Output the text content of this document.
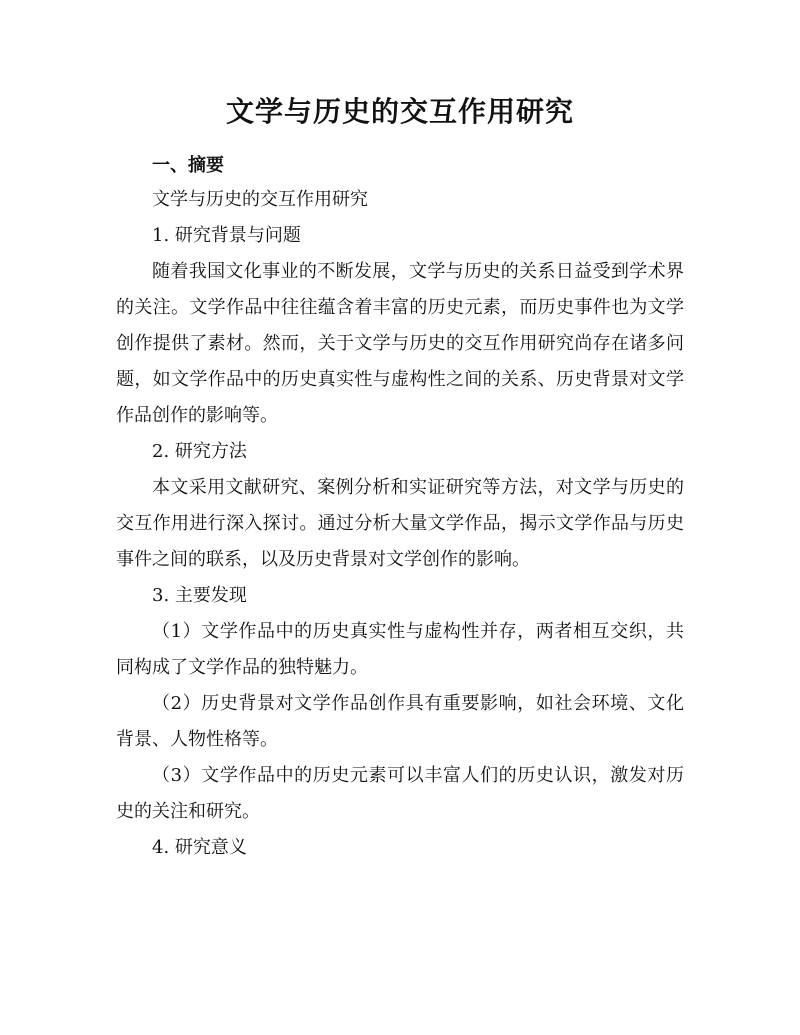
文学与历史的交互作用研究

一、摘要

文学与历史的交互作用研究

1. 研究背景与问题

随着我国文化事业的不断发展，文学与历史的关系日益受到学术界的关注。文学作品中往往蕴含着丰富的历史元素，而历史事件也为文学创作提供了素材。然而，关于文学与历史的交互作用研究尚存在诸多问题，如文学作品中的历史真实性与虚构性之间的关系、历史背景对文学作品创作的影响等。

2. 研究方法

本文采用文献研究、案例分析和实证研究等方法，对文学与历史的交互作用进行深入探讨。通过分析大量文学作品，揭示文学作品与历史事件之间的联系，以及历史背景对文学创作的影响。

3. 主要发现

（1）文学作品中的历史真实性与虚构性并存，两者相互交织，共同构成了文学作品的独特魅力。

（2）历史背景对文学作品创作具有重要影响，如社会环境、文化背景、人物性格等。

（3）文学作品中的历史元素可以丰富人们的历史认识，激发对历史的关注和研究。

4. 研究意义
